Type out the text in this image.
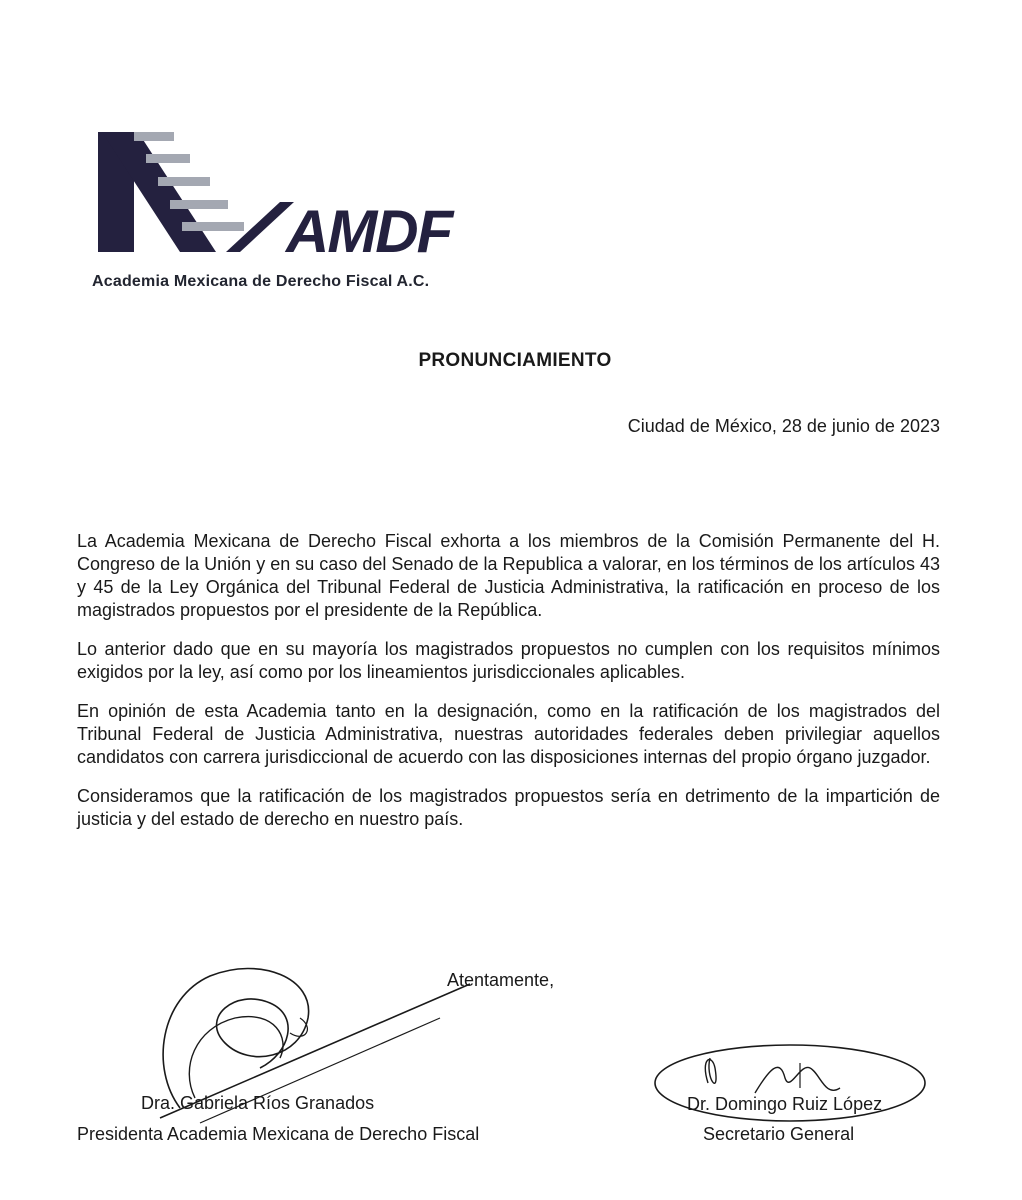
AMDF
Academia Mexicana de Derecho Fiscal A.C.
PRONUNCIAMIENTO
Ciudad de México, 28 de junio de 2023

La Academia Mexicana de Derecho Fiscal exhorta a los miembros de la Comisión Permanente del H. Congreso de la Unión y en su caso del Senado de la Republica a valorar, en los términos de los artículos 43 y 45 de la Ley Orgánica del Tribunal Federal de Justicia Administrativa, la ratificación en proceso de los magistrados propuestos por el presidente de la República.

Lo anterior dado que en su mayoría los magistrados propuestos no cumplen con los requisitos mínimos exigidos por la ley, así como por los lineamientos jurisdiccionales aplicables.

En opinión de esta Academia tanto en la designación, como en la ratificación de los magistrados del Tribunal Federal de Justicia Administrativa, nuestras autoridades federales deben privilegiar aquellos candidatos con carrera jurisdiccional de acuerdo con las disposiciones internas del propio órgano juzgador.

Consideramos que la ratificación de los magistrados propuestos sería en detrimento de la impartición de justicia y del estado de derecho en nuestro país.

Atentamente,
Dra. Gabriela Ríos Granados
Presidenta Academia Mexicana de Derecho Fiscal
Dr. Domingo Ruiz López
Secretario General
